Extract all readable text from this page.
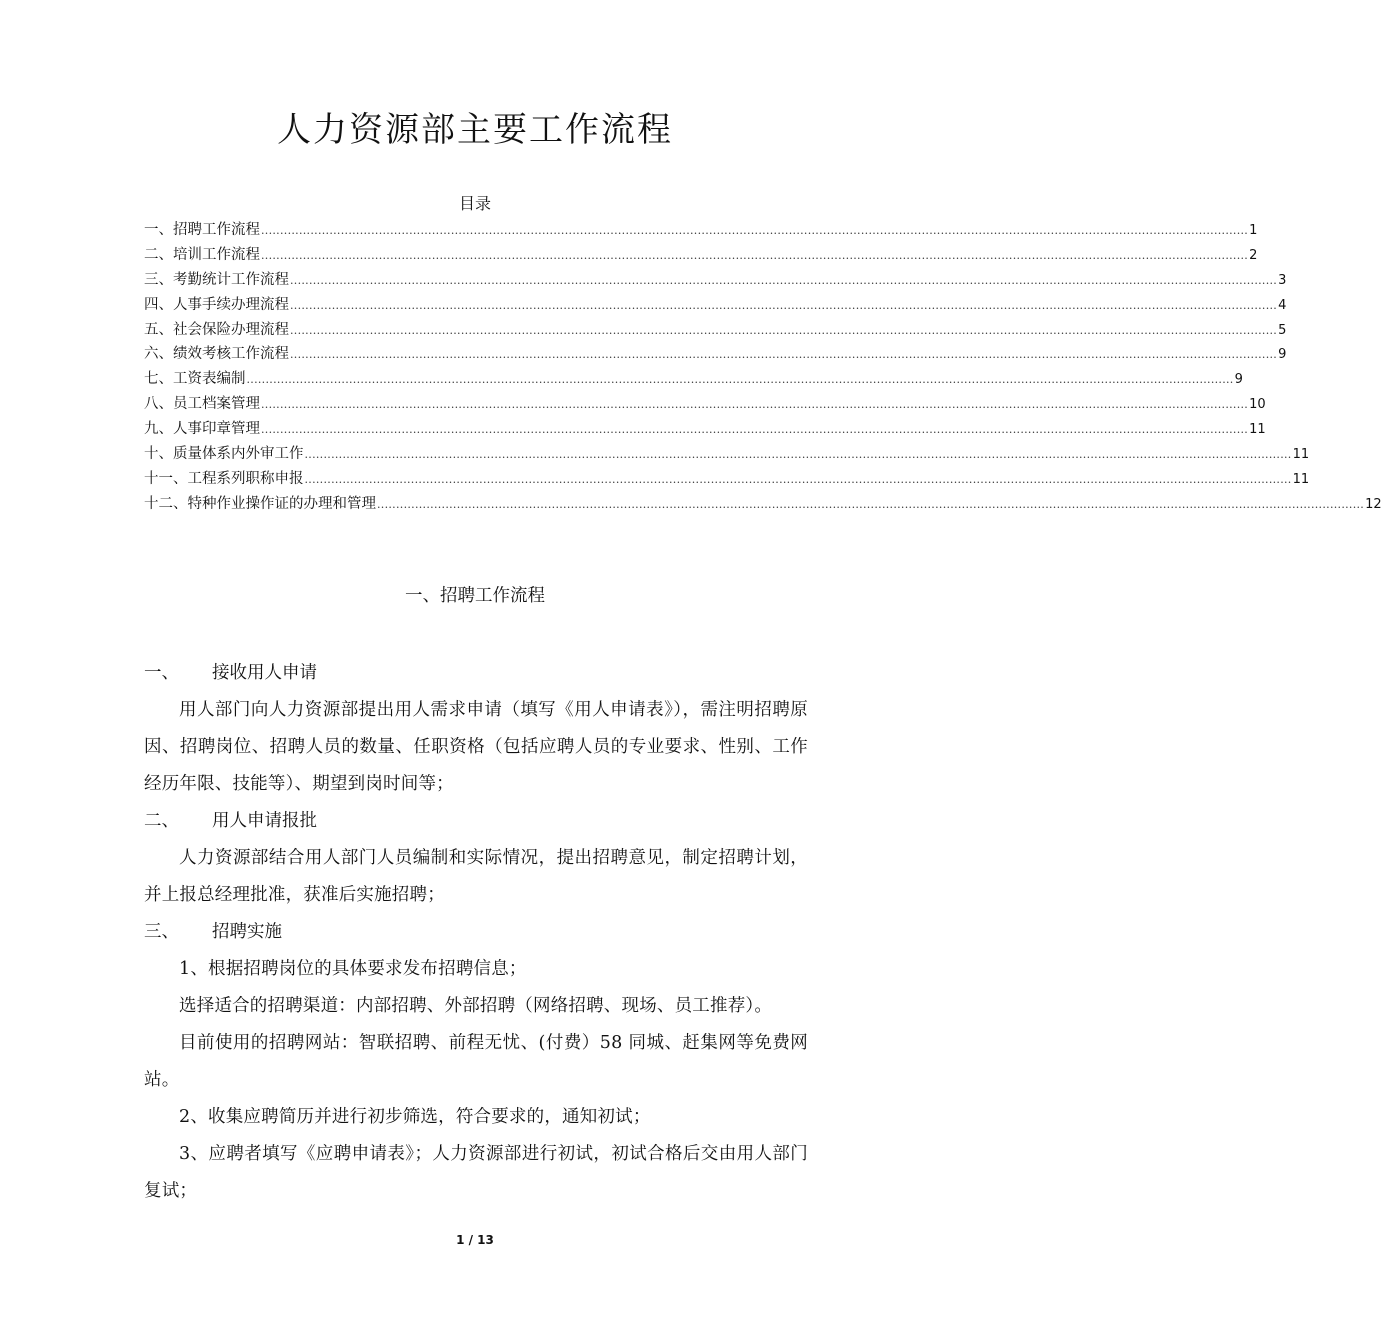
人力资源部主要工作流程
目录
一、招聘工作流程 .................................................................................................................................................................................................................................................................... 1
二、培训工作流程 .................................................................................................................................................................................................................................................................... 2
三、考勤统计工作流程 .................................................................................................................................................................................................................................................................... 3
四、人事手续办理流程 .................................................................................................................................................................................................................................................................... 4
五、社会保险办理流程 .................................................................................................................................................................................................................................................................... 5
六、绩效考核工作流程 .................................................................................................................................................................................................................................................................... 9
七、工资表编制 .................................................................................................................................................................................................................................................................... 9
八、员工档案管理 .................................................................................................................................................................................................................................................................... 10
九、人事印章管理 .................................................................................................................................................................................................................................................................... 11
十、质量体系内外审工作 .................................................................................................................................................................................................................................................................... 11
十一、工程系列职称申报 .................................................................................................................................................................................................................................................................... 11
十二、特种作业操作证的办理和管理 .................................................................................................................................................................................................................................................................... 12
一、招聘工作流程
一、	接收用人申请

用人部门向人力资源部提出用人需求申请（填写《用人申请表》），需注明招聘原因、招聘岗位、招聘人员的数量、任职资格（包括应聘人员的专业要求、性别、工作经历年限、技能等）、期望到岗时间等；

二、	用人申请报批

人力资源部结合用人部门人员编制和实际情况，提出招聘意见，制定招聘计划，并上报总经理批准，获准后实施招聘；

三、	招聘实施

1、根据招聘岗位的具体要求发布招聘信息；

选择适合的招聘渠道：内部招聘、外部招聘（网络招聘、现场、员工推荐）。

目前使用的招聘网站：智联招聘、前程无忧、(付费）58 同城、赶集网等免费网站。

2、收集应聘简历并进行初步筛选，符合要求的，通知初试；

3、应聘者填写《应聘申请表》；人力资源部进行初试，初试合格后交由用人部门复试；

1 / 13
